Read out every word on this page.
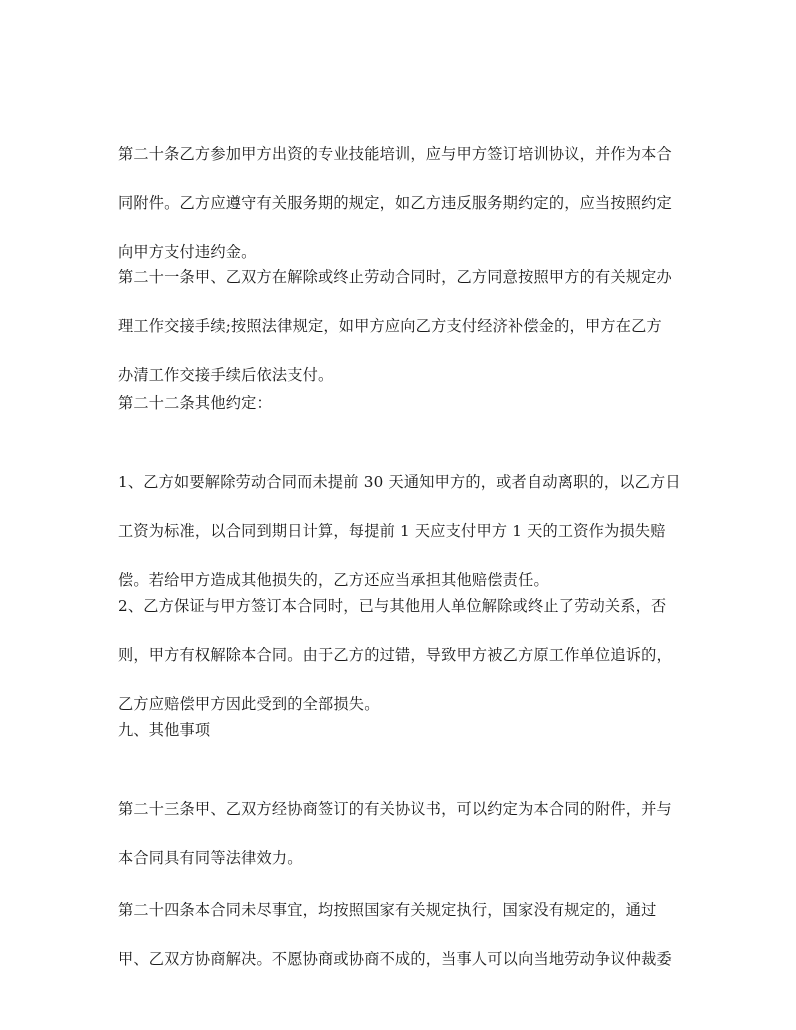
第二十条乙方参加甲方出资的专业技能培训，应与甲方签订培训协议，并作为本合

同附件。乙方应遵守有关服务期的规定，如乙方违反服务期约定的，应当按照约定

向甲方支付违约金。

第二十一条甲、乙双方在解除或终止劳动合同时，乙方同意按照甲方的有关规定办

理工作交接手续;按照法律规定，如甲方应向乙方支付经济补偿金的，甲方在乙方

办清工作交接手续后依法支付。

第二十二条其他约定：

1、乙方如要解除劳动合同而未提前 30 天通知甲方的，或者自动离职的，以乙方日

工资为标准，以合同到期日计算，每提前 1 天应支付甲方 1 天的工资作为损失赔

偿。若给甲方造成其他损失的，乙方还应当承担其他赔偿责任。

2、乙方保证与甲方签订本合同时，已与其他用人单位解除或终止了劳动关系，否

则，甲方有权解除本合同。由于乙方的过错，导致甲方被乙方原工作单位追诉的，

乙方应赔偿甲方因此受到的全部损失。

九、其他事项

第二十三条甲、乙双方经协商签订的有关协议书，可以约定为本合同的附件，并与

本合同具有同等法律效力。

第二十四条本合同未尽事宜，均按照国家有关规定执行，国家没有规定的，通过

甲、乙双方协商解决。不愿协商或协商不成的，当事人可以向当地劳动争议仲裁委
